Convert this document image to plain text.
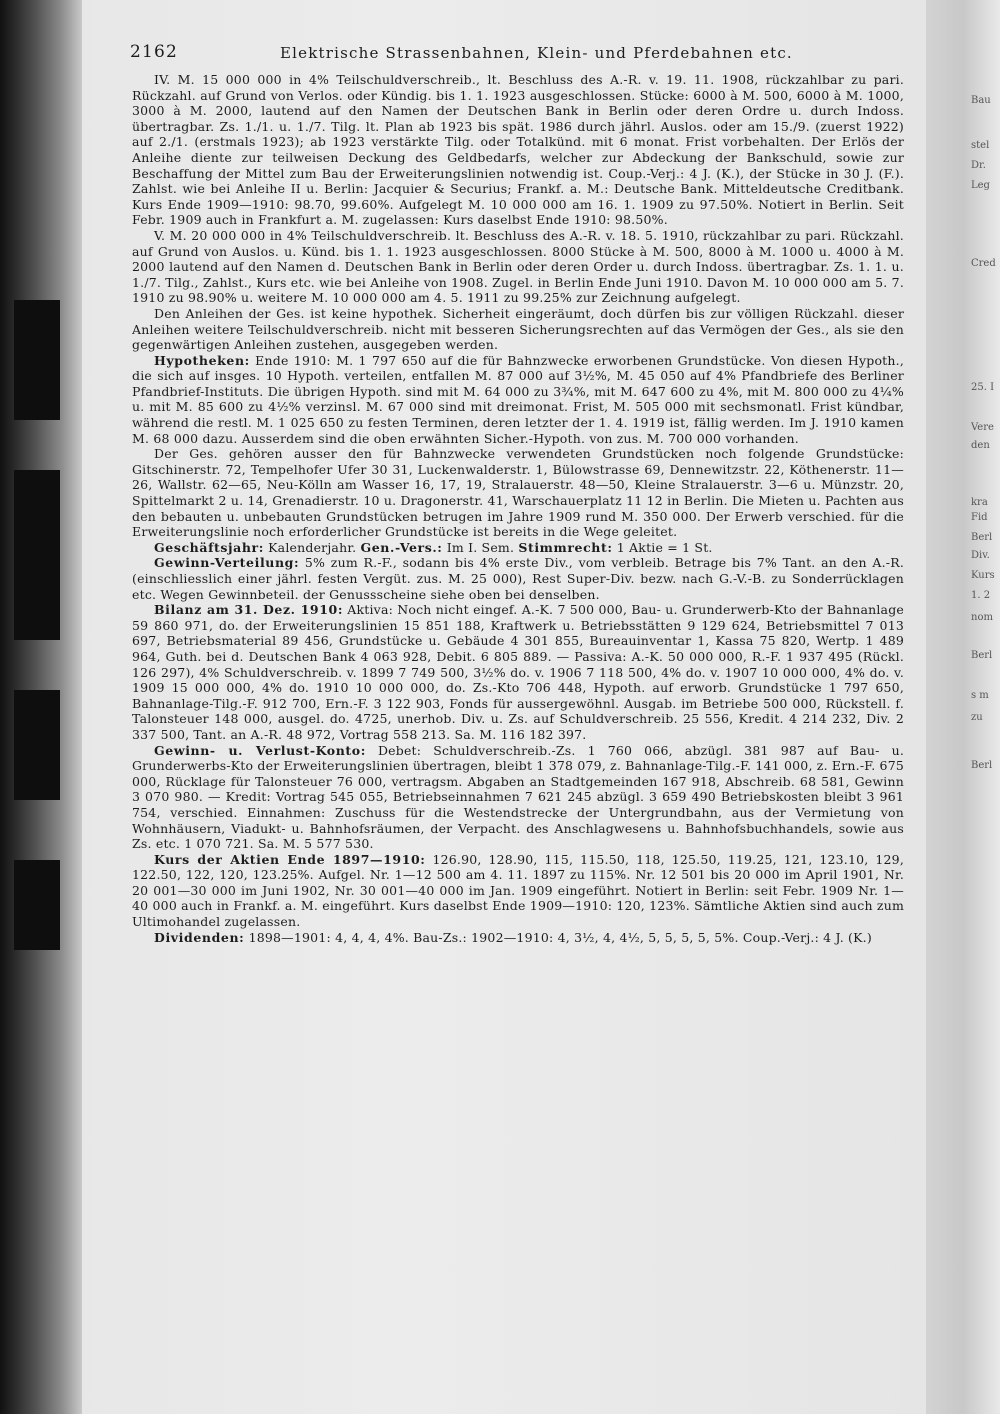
2162	Elektrische Strassenbahnen, Klein- und Pferdebahnen etc.

IV. M. 15 000 000 in 4% Teilschuldverschreib., lt. Beschluss des A.-R. v. 19. 11. 1908, rückzahlbar zu pari. Rückzahl. auf Grund von Verlos. oder Kündig. bis 1. 1. 1923 ausgeschlossen. Stücke: 6000 à M. 500, 6000 à M. 1000, 3000 à M. 2000, lautend auf den Namen der Deutschen Bank in Berlin oder deren Ordre u. durch Indoss. übertragbar. Zs. 1./1. u. 1./7. Tilg. lt. Plan ab 1923 bis spät. 1986 durch jährl. Auslos. oder am 15./9. (zuerst 1922) auf 2./1. (erstmals 1923); ab 1923 verstärkte Tilg. oder Totalkünd. mit 6 monat. Frist vorbehalten. Der Erlös der Anleihe diente zur teilweisen Deckung des Geldbedarfs, welcher zur Abdeckung der Bankschuld, sowie zur Beschaffung der Mittel zum Bau der Erweiterungslinien notwendig ist. Coup.-Verj.: 4 J. (K.), der Stücke in 30 J. (F.). Zahlst. wie bei Anleihe II u. Berlin: Jacquier & Securius; Frankf. a. M.: Deutsche Bank. Mitteldeutsche Creditbank. Kurs Ende 1909—1910: 98.70, 99.60%. Aufgelegt M. 10 000 000 am 16. 1. 1909 zu 97.50%. Notiert in Berlin. Seit Febr. 1909 auch in Frankfurt a. M. zugelassen: Kurs daselbst Ende 1910: 98.50%.

V. M. 20 000 000 in 4% Teilschuldverschreib. lt. Beschluss des A.-R. v. 18. 5. 1910, rückzahlbar zu pari. Rückzahl. auf Grund von Auslos. u. Künd. bis 1. 1. 1923 ausgeschlossen. 8000 Stücke à M. 500, 8000 à M. 1000 u. 4000 à M. 2000 lautend auf den Namen d. Deutschen Bank in Berlin oder deren Order u. durch Indoss. übertragbar. Zs. 1. 1. u. 1./7. Tilg., Zahlst., Kurs etc. wie bei Anleihe von 1908. Zugel. in Berlin Ende Juni 1910. Davon M. 10 000 000 am 5. 7. 1910 zu 98.90% u. weitere M. 10 000 000 am 4. 5. 1911 zu 99.25% zur Zeichnung aufgelegt.

Den Anleihen der Ges. ist keine hypothek. Sicherheit eingeräumt, doch dürfen bis zur völligen Rückzahl. dieser Anleihen weitere Teilschuldverschreib. nicht mit besseren Sicherungsrechten auf das Vermögen der Ges., als sie den gegenwärtigen Anleihen zustehen, ausgegeben werden.

Hypotheken: Ende 1910: M. 1 797 650 auf die für Bahnzwecke erworbenen Grundstücke. Von diesen Hypoth., die sich auf insges. 10 Hypoth. verteilen, entfallen M. 87 000 auf 3½%, M. 45 050 auf 4% Pfandbriefe des Berliner Pfandbrief-Instituts. Die übrigen Hypoth. sind mit M. 64 000 zu 3¾%, mit M. 647 600 zu 4%, mit M. 800 000 zu 4¼% u. mit M. 85 600 zu 4½% verzinsl. M. 67 000 sind mit dreimonat. Frist, M. 505 000 mit sechsmonatl. Frist kündbar, während die restl. M. 1 025 650 zu festen Terminen, deren letzter der 1. 4. 1919 ist, fällig werden. Im J. 1910 kamen M. 68 000 dazu. Ausserdem sind die oben erwähnten Sicher.-Hypoth. von zus. M. 700 000 vorhanden.

Der Ges. gehören ausser den für Bahnzwecke verwendeten Grundstücken noch folgende Grundstücke: Gitschinerstr. 72, Tempelhofer Ufer 30 31, Luckenwalderstr. 1, Bülowstrasse 69, Dennewitzstr. 22, Köthenerstr. 11—26, Wallstr. 62—65, Neu-Kölln am Wasser 16, 17, 19, Stralauerstr. 48—50, Kleine Stralauerstr. 3—6 u. Münzstr. 20, Spittelmarkt 2 u. 14, Grenadierstr. 10 u. Dragonerstr. 41, Warschauerplatz 11 12 in Berlin. Die Mieten u. Pachten aus den bebauten u. unbebauten Grundstücken betrugen im Jahre 1909 rund M. 350 000. Der Erwerb verschied. für die Erweiterungslinie noch erforderlicher Grundstücke ist bereits in die Wege geleitet.

Geschäftsjahr: Kalenderjahr. Gen.-Vers.: Im I. Sem. Stimmrecht: 1 Aktie = 1 St.

Gewinn-Verteilung: 5% zum R.-F., sodann bis 4% erste Div., vom verbleib. Betrage bis 7% Tant. an den A.-R. (einschliesslich einer jährl. festen Vergüt. zus. M. 25 000), Rest Super-Div. bezw. nach G.-V.-B. zu Sonderrücklagen etc. Wegen Gewinnbeteil. der Genussscheine siehe oben bei denselben.

Bilanz am 31. Dez. 1910: Aktiva: Noch nicht eingef. A.-K. 7 500 000, Bau- u. Grunderwerb-Kto der Bahnanlage 59 860 971, do. der Erweiterungslinien 15 851 188, Kraftwerk u. Betriebsstätten 9 129 624, Betriebsmittel 7 013 697, Betriebsmaterial 89 456, Grundstücke u. Gebäude 4 301 855, Bureauinventar 1, Kassa 75 820, Wertp. 1 489 964, Guth. bei d. Deutschen Bank 4 063 928, Debit. 6 805 889. — Passiva: A.-K. 50 000 000, R.-F. 1 937 495 (Rückl. 126 297), 4% Schuldverschreib. v. 1899 7 749 500, 3½% do. v. 1906 7 118 500, 4% do. v. 1907 10 000 000, 4% do. v. 1909 15 000 000, 4% do. 1910 10 000 000, do. Zs.-Kto 706 448, Hypoth. auf erworb. Grundstücke 1 797 650, Bahnanlage-Tilg.-F. 912 700, Ern.-F. 3 122 903, Fonds für aussergewöhnl. Ausgab. im Betriebe 500 000, Rückstell. f. Talonsteuer 148 000, ausgel. do. 4725, unerhob. Div. u. Zs. auf Schuldverschreib. 25 556, Kredit. 4 214 232, Div. 2 337 500, Tant. an A.-R. 48 972, Vortrag 558 213. Sa. M. 116 182 397.

Gewinn- u. Verlust-Konto: Debet: Schuldverschreib.-Zs. 1 760 066, abzügl. 381 987 auf Bau- u. Grunderwerbs-Kto der Erweiterungslinien übertragen, bleibt 1 378 079, z. Bahnanlage-Tilg.-F. 141 000, z. Ern.-F. 675 000, Rücklage für Talonsteuer 76 000, vertragsm. Abgaben an Stadtgemeinden 167 918, Abschreib. 68 581, Gewinn 3 070 980. — Kredit: Vortrag 545 055, Betriebseinnahmen 7 621 245 abzügl. 3 659 490 Betriebskosten bleibt 3 961 754, verschied. Einnahmen: Zuschuss für die Westendstrecke der Untergrundbahn, aus der Vermietung von Wohnhäusern, Viadukt- u. Bahnhofsräumen, der Verpacht. des Anschlagwesens u. Bahnhofsbuchhandels, sowie aus Zs. etc. 1 070 721. Sa. M. 5 577 530.

Kurs der Aktien Ende 1897—1910: 126.90, 128.90, 115, 115.50, 118, 125.50, 119.25, 121, 123.10, 129, 122.50, 122, 120, 123.25%. Aufgel. Nr. 1—12 500 am 4. 11. 1897 zu 115%. Nr. 12 501 bis 20 000 im April 1901, Nr. 20 001—30 000 im Juni 1902, Nr. 30 001—40 000 im Jan. 1909 eingeführt. Notiert in Berlin: seit Febr. 1909 Nr. 1—40 000 auch in Frankf. a. M. eingeführt. Kurs daselbst Ende 1909—1910: 120, 123%. Sämtliche Aktien sind auch zum Ultimohandel zugelassen.

Dividenden: 1898—1901: 4, 4, 4, 4%. Bau-Zs.: 1902—1910: 4, 3½, 4, 4½, 5, 5, 5, 5, 5%. Coup.-Verj.: 4 J. (K.)

Bau
stel
Dr.
Leg
Cred
25. I
Vere
den
kra
Fid
Berl
Div.
Kurs
1. 2
nom
Berl
s m
zu
Berl
